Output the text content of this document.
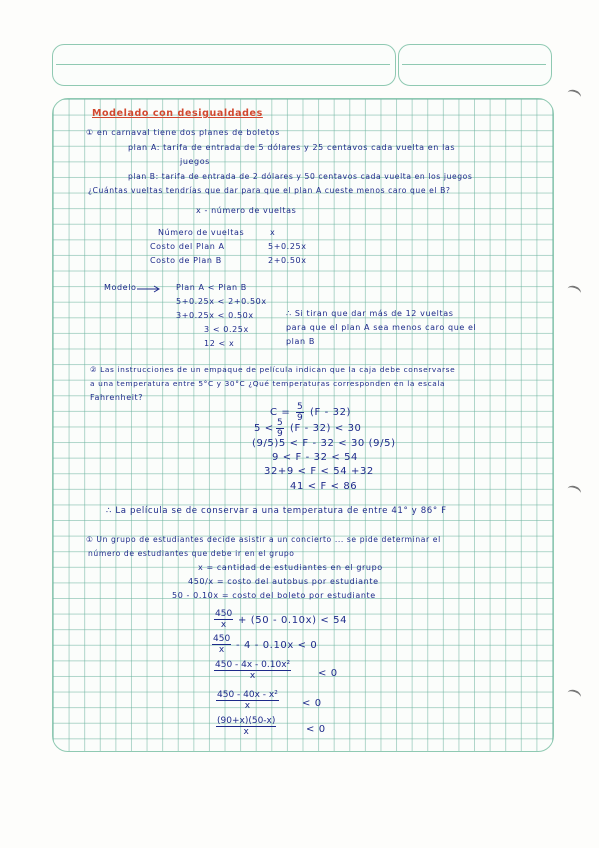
Modelado con desigualdades
① en carnaval tiene dos planes de boletos
plan A: tarifa de entrada de 5 dólares y 25 centavos cada vuelta en las
juegos
plan B: tarifa de entrada de 2 dólares y 50 centavos cada vuelta en los juegos
¿Cuántas vueltas tendrías que dar para que el plan A cueste menos caro que el B?
x - número de vueltas
Número de vueltas	x
Costo del Plan A	5+0.25x
Costo de Plan B	2+0.50x
Modelo	Plan A < Plan B
5+0.25x < 2+0.50x
3+0.25x < 0.50x
3 < 0.25x
12 < x
∴ Si tiran que dar más de 12 vueltas
para que el plan A sea menos caro que el
plan B
② Las instrucciones de un empaque de película indican que la caja debe conservarse
a una temperatura entre 5°C y 30°C ¿Qué temperaturas corresponden en la escala
Fahrenheit?
$C = \frac{5}{9} (F - 32)$
$5 < \frac{5}{9} (F - 32) < 30$
(9/5)5 < F - 32 < 30 (9/5)
9 < F - 32 < 54
32+9 < F < 54 +32
41 < F < 86
∴ La película se de conservar a una temperatura de entre 41° y 86° F
① Un grupo de estudiantes decide asistir a un concierto ... se pide determinar el
número de estudiantes que debe ir en el grupo
x = cantidad de estudiantes en el grupo
450/x = costo del autobus por estudiante
50 - 0.10x = costo del boleto por estudiante
$\frac{450}{x} + (50 - 0.10x) < 54$
$\frac{450}{x} - 4 - 0.10x < 0$
$\frac{\text{450 - 4x - 0.10x²}}{x}$	< 0
$\frac{\text{450 - 40x - x²}}{x} < 0$
$\frac{(90+x)(50-x)}{x}$	< 0
